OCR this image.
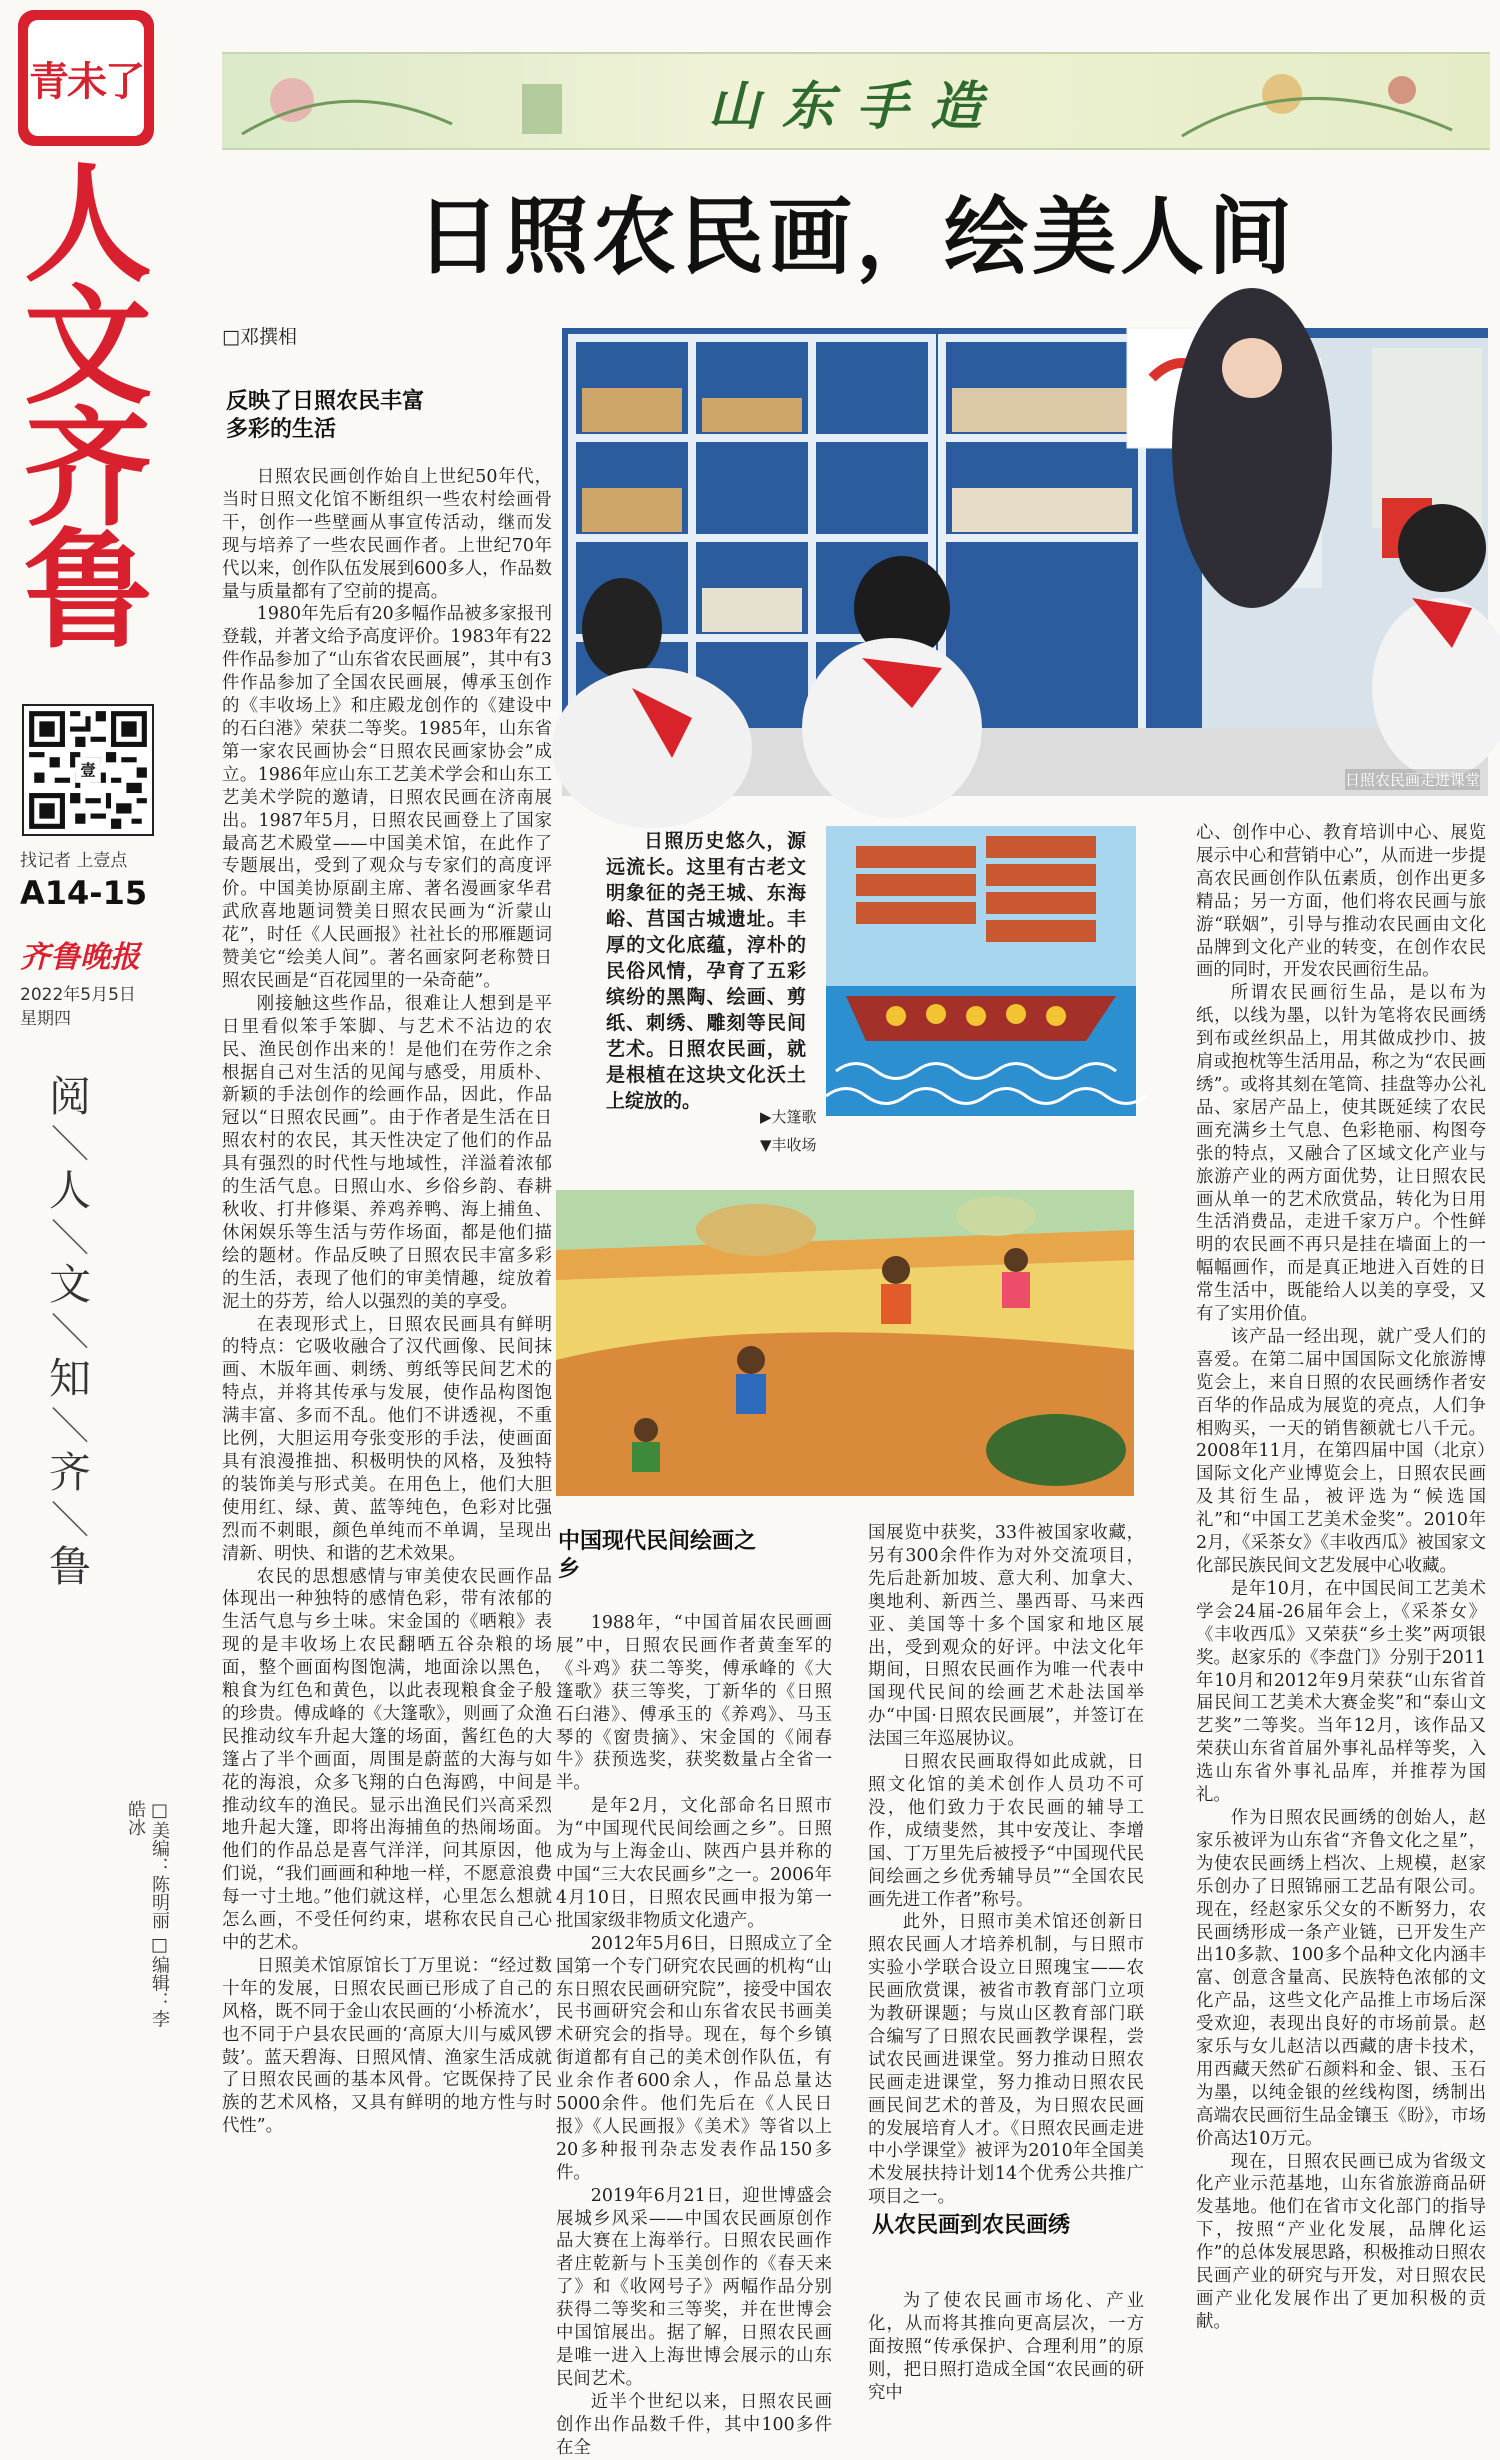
青未了
人
文
齐
鲁
壹
找记者 上壹点
A14-15
齐鲁晚报
2022年5月5日
星期四
阅
＼
人
＼
文
＼
知
＼
齐
＼
鲁
□美编：陈明丽 □编辑：李皓冰
山东手造
日照农民画，绘美人间
□邓撰相
反映了日照农民丰富多彩的生活

日照农民画创作始自上世纪50年代，当时日照文化馆不断组织一些农村绘画骨干，创作一些壁画从事宣传活动，继而发现与培养了一些农民画作者。上世纪70年代以来，创作队伍发展到600多人，作品数量与质量都有了空前的提高。

1980年先后有20多幅作品被多家报刊登载，并著文给予高度评价。1983年有22件作品参加了“山东省农民画展”，其中有3件作品参加了全国农民画展，傅承玉创作的《丰收场上》和庄殿龙创作的《建设中的石臼港》荣获二等奖。1985年，山东省第一家农民画协会“日照农民画家协会”成立。1986年应山东工艺美术学会和山东工艺美术学院的邀请，日照农民画在济南展出。1987年5月，日照农民画登上了国家最高艺术殿堂——中国美术馆，在此作了专题展出，受到了观众与专家们的高度评价。中国美协原副主席、著名漫画家华君武欣喜地题词赞美日照农民画为“沂蒙山花”，时任《人民画报》社社长的邢雁题词赞美它“绘美人间”。著名画家阿老称赞日照农民画是“百花园里的一朵奇葩”。

刚接触这些作品，很难让人想到是平日里看似笨手笨脚、与艺术不沾边的农民、渔民创作出来的！是他们在劳作之余根据自己对生活的见闻与感受，用质朴、新颖的手法创作的绘画作品，因此，作品冠以“日照农民画”。由于作者是生活在日照农村的农民，其天性决定了他们的作品具有强烈的时代性与地域性，洋溢着浓郁的生活气息。日照山水、乡俗乡韵、春耕秋收、打井修渠、养鸡养鸭、海上捕鱼、休闲娱乐等生活与劳作场面，都是他们描绘的题材。作品反映了日照农民丰富多彩的生活，表现了他们的审美情趣，绽放着泥土的芬芳，给人以强烈的美的享受。

在表现形式上，日照农民画具有鲜明的特点：它吸收融合了汉代画像、民间抹画、木版年画、刺绣、剪纸等民间艺术的特点，并将其传承与发展，使作品构图饱满丰富、多而不乱。他们不讲透视，不重比例，大胆运用夸张变形的手法，使画面具有浪漫推拙、积极明快的风格，及独特的装饰美与形式美。在用色上，他们大胆使用红、绿、黄、蓝等纯色，色彩对比强烈而不刺眼，颜色单纯而不单调，呈现出清新、明快、和谐的艺术效果。

农民的思想感情与审美使农民画作品体现出一种独特的感情色彩，带有浓郁的生活气息与乡土味。宋金国的《晒粮》表现的是丰收场上农民翻晒五谷杂粮的场面，整个画面构图饱满，地面涂以黑色，粮食为红色和黄色，以此表现粮食金子般的珍贵。傅成峰的《大篷歌》，则画了众渔民推动纹车升起大篷的场面，酱红色的大篷占了半个画面，周围是蔚蓝的大海与如花的海浪，众多飞翔的白色海鸥，中间是推动纹车的渔民。显示出渔民们兴高采烈地升起大篷，即将出海捕鱼的热闹场面。他们的作品总是喜气洋洋，问其原因，他们说，“我们画画和种地一样，不愿意浪费每一寸土地。”他们就这样，心里怎么想就怎么画，不受任何约束，堪称农民自己心中的艺术。

日照美术馆原馆长丁万里说：“经过数十年的发展，日照农民画已形成了自己的风格，既不同于金山农民画的‘小桥流水’，也不同于户县农民画的‘高原大川与威风锣鼓’。蓝天碧海、日照风情、渔家生活成就了日照农民画的基本风骨。它既保持了民族的艺术风格，又具有鲜明的地方性与时代性”。

日照农民画走进课堂

日照历史悠久，源远流长。这里有古老文明象征的尧王城、东海峪、莒国古城遗址。丰厚的文化底蕴，淳朴的民俗风情，孕育了五彩缤纷的黑陶、绘画、剪纸、刺绣、雕刻等民间艺术。日照农民画，就是根植在这块文化沃土上绽放的。

▶大篷歌
▼丰收场
中国现代民间绘画之乡

1988年，“中国首届农民画画展”中，日照农民画作者黄奎军的《斗鸡》获二等奖，傅承峰的《大篷歌》获三等奖，丁新华的《日照石臼港》、傅承玉的《养鸡》、马玉琴的《窗贵摘》、宋金国的《闹春牛》获预选奖，获奖数量占全省一半。

是年2月，文化部命名日照市为“中国现代民间绘画之乡”。日照成为与上海金山、陕西户县并称的中国“三大农民画乡”之一。2006年4月10日，日照农民画申报为第一批国家级非物质文化遗产。

2012年5月6日，日照成立了全国第一个专门研究农民画的机构“山东日照农民画研究院”，接受中国农民书画研究会和山东省农民书画美术研究会的指导。现在，每个乡镇街道都有自己的美术创作队伍，有业余作者600余人，作品总量达5000余件。他们先后在《人民日报》《人民画报》《美术》等省以上20多种报刊杂志发表作品150多件。

2019年6月21日，迎世博盛会展城乡风采——中国农民画原创作品大赛在上海举行。日照农民画作者庄乾新与卜玉美创作的《春天来了》和《收网号子》两幅作品分别获得二等奖和三等奖，并在世博会中国馆展出。据了解，日照农民画是唯一进入上海世博会展示的山东民间艺术。

近半个世纪以来，日照农民画创作出作品数千件，其中100多件在全

国展览中获奖，33件被国家收藏，另有300余件作为对外交流项目，先后赴新加坡、意大利、加拿大、奥地利、新西兰、墨西哥、马来西亚、美国等十多个国家和地区展出，受到观众的好评。中法文化年期间，日照农民画作为唯一代表中国现代民间的绘画艺术赴法国举办“中国·日照农民画展”，并签订在法国三年巡展协议。

日照农民画取得如此成就，日照文化馆的美术创作人员功不可没，他们致力于农民画的辅导工作，成绩斐然，其中安茂让、李增国、丁万里先后被授予“中国现代民间绘画之乡优秀辅导员”“全国农民画先进工作者”称号。

此外，日照市美术馆还创新日照农民画人才培养机制，与日照市实验小学联合设立日照瑰宝——农民画欣赏课，被省市教育部门立项为教研课题；与岚山区教育部门联合编写了日照农民画教学课程，尝试农民画进课堂。努力推动日照农民画走进课堂，努力推动日照农民画民间艺术的普及，为日照农民画的发展培育人才。《日照农民画走进中小学课堂》被评为2010年全国美术发展扶持计划14个优秀公共推广项目之一。

从农民画到农民画绣

为了使农民画市场化、产业化，从而将其推向更高层次，一方面按照“传承保护、合理利用”的原则，把日照打造成全国“农民画的研究中

心、创作中心、教育培训中心、展览展示中心和营销中心”，从而进一步提高农民画创作队伍素质，创作出更多精品；另一方面，他们将农民画与旅游“联姻”，引导与推动农民画由文化品牌到文化产业的转变，在创作农民画的同时，开发农民画衍生品。

所谓农民画衍生品，是以布为纸，以线为墨，以针为笔将农民画绣到布或丝织品上，用其做成抄巾、披肩或抱枕等生活用品，称之为“农民画绣”。或将其刻在笔筒、挂盘等办公礼品、家居产品上，使其既延续了农民画充满乡土气息、色彩艳丽、构图夸张的特点，又融合了区域文化产业与旅游产业的两方面优势，让日照农民画从单一的艺术欣赏品，转化为日用生活消费品，走进千家万户。个性鲜明的农民画不再只是挂在墙面上的一幅幅画作，而是真正地进入百姓的日常生活中，既能给人以美的享受，又有了实用价值。

该产品一经出现，就广受人们的喜爱。在第二届中国国际文化旅游博览会上，来自日照的农民画绣作者安百华的作品成为展览的亮点，人们争相购买，一天的销售额就七八千元。2008年11月，在第四届中国（北京）国际文化产业博览会上，日照农民画及其衍生品，被评选为“候选国礼”和“中国工艺美术金奖”。2010年2月，《采茶女》《丰收西瓜》被国家文化部民族民间文艺发展中心收藏。

是年10月，在中国民间工艺美术学会24届-26届年会上，《采茶女》《丰收西瓜》又荣获“乡土奖”两项银奖。赵家乐的《李盘门》分别于2011年10月和2012年9月荣获“山东省首届民间工艺美术大赛金奖”和“泰山文艺奖”二等奖。当年12月，该作品又荣获山东省首届外事礼品样等奖，入选山东省外事礼品库，并推荐为国礼。

作为日照农民画绣的创始人，赵家乐被评为山东省“齐鲁文化之星”，为使农民画绣上档次、上规模，赵家乐创办了日照锦丽工艺品有限公司。现在，经赵家乐父女的不断努力，农民画绣形成一条产业链，已开发生产出10多款、100多个品种文化内涵丰富、创意含量高、民族特色浓郁的文化产品，这些文化产品推上市场后深受欢迎，表现出良好的市场前景。赵家乐与女儿赵洁以西藏的唐卡技术，用西藏天然矿石颜料和金、银、玉石为墨，以纯金银的丝线构图，绣制出高端农民画衍生品金镶玉《盼》，市场价高达10万元。

现在，日照农民画已成为省级文化产业示范基地，山东省旅游商品研发基地。他们在省市文化部门的指导下，按照“产业化发展，品牌化运作”的总体发展思路，积极推动日照农民画产业的研究与开发，对日照农民画产业化发展作出了更加积极的贡献。
